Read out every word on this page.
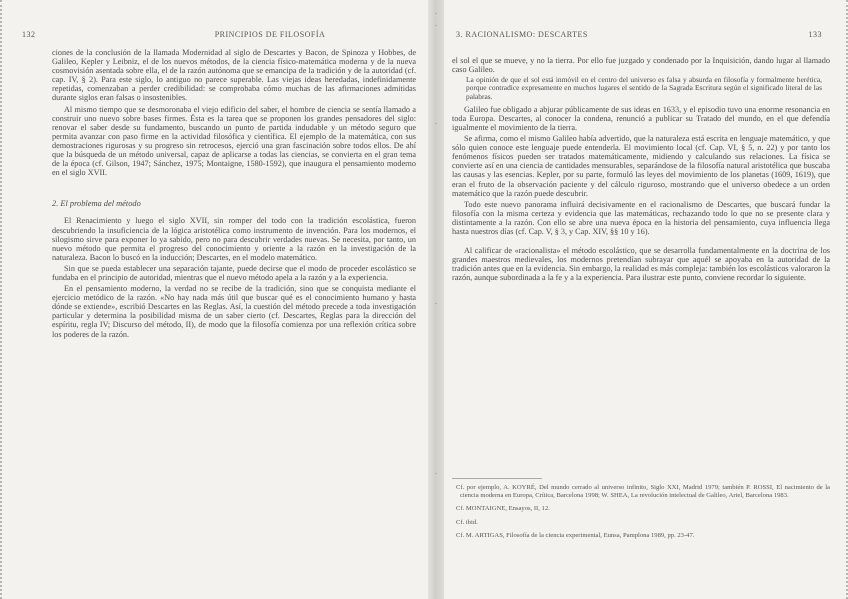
132	PRINCIPIOS DE FILOSOFÍA

ciones de la conclusión de la llamada Modernidad al siglo de Descartes y Bacon, de Spinoza y Hobbes, de Galileo, Kepler y Leibniz, el de los nuevos métodos, de la ciencia físico-matemática moderna y de la nueva cosmovisión asentada sobre ella, el de la razón autónoma que se emancipa de la tradición y de la autoridad (cf. cap. IV, § 2). Para este siglo, lo antiguo no parece superable. Las viejas ideas heredadas, indefinidamente repetidas, comenzaban a perder credibilidad: se comprobaba cómo muchas de las afirmaciones admitidas durante siglos eran falsas o insostenibles.

Al mismo tiempo que se desmoronaba el viejo edificio del saber, el hombre de ciencia se sentía llamado a construir uno nuevo sobre bases firmes. Ésta es la tarea que se proponen los grandes pensadores del siglo: renovar el saber desde su fundamento, buscando un punto de partida indudable y un método seguro que permita avanzar con paso firme en la actividad filosófica y científica. El ejemplo de la matemática, con sus demostraciones rigurosas y su progreso sin retrocesos, ejerció una gran fascinación sobre todos ellos. De ahí que la búsqueda de un método universal, capaz de aplicarse a todas las ciencias, se convierta en el gran tema de la época (cf. Gilson, 1947; Sánchez, 1975; Montaigne, 1580-1592), que inaugura el pensamiento moderno en el siglo XVII.

2. El problema del método

El Renacimiento y luego el siglo XVII, sin romper del todo con la tradición escolástica, fueron descubriendo la insuficiencia de la lógica aristotélica como instrumento de invención. Para los modernos, el silogismo sirve para exponer lo ya sabido, pero no para descubrir verdades nuevas. Se necesita, por tanto, un nuevo método que permita el progreso del conocimiento y oriente a la razón en la investigación de la naturaleza. Bacon lo buscó en la inducción; Descartes, en el modelo matemático.

Sin que se pueda establecer una separación tajante, puede decirse que el modo de proceder escolástico se fundaba en el principio de autoridad, mientras que el nuevo método apela a la razón y a la experiencia.

En el pensamiento moderno, la verdad no se recibe de la tradición, sino que se conquista mediante el ejercicio metódico de la razón. «No hay nada más útil que buscar qué es el conocimiento humano y hasta dónde se extiende», escribió Descartes en las Reglas. Así, la cuestión del método precede a toda investigación particular y determina la posibilidad misma de un saber cierto (cf. Descartes, Reglas para la dirección del espíritu, regla IV; Discurso del método, II), de modo que la filosofía comienza por una reflexión crítica sobre los poderes de la razón.

·
·
·
·
·
3. RACIONALISMO: DESCARTES	133

el sol el que se mueve, y no la tierra. Por ello fue juzgado y condenado por la Inquisición, dando lugar al llamado caso Galileo.

La opinión de que el sol está inmóvil en el centro del universo es falsa y absurda en filosofía y formalmente herética, porque contradice expresamente en muchos lugares el sentido de la Sagrada Escritura según el significado literal de las palabras.

Galileo fue obligado a abjurar públicamente de sus ideas en 1633, y el episodio tuvo una enorme resonancia en toda Europa. Descartes, al conocer la condena, renunció a publicar su Tratado del mundo, en el que defendía igualmente el movimiento de la tierra.

Se afirma, como el mismo Galileo había advertido, que la naturaleza está escrita en lenguaje matemático, y que sólo quien conoce este lenguaje puede entenderla. El movimiento local (cf. Cap. VI, § 5, n. 22) y por tanto los fenómenos físicos pueden ser tratados matemáticamente, midiendo y calculando sus relaciones. La física se convierte así en una ciencia de cantidades mensurables, separándose de la filosofía natural aristotélica que buscaba las causas y las esencias. Kepler, por su parte, formuló las leyes del movimiento de los planetas (1609, 1619), que eran el fruto de la observación paciente y del cálculo riguroso, mostrando que el universo obedece a un orden matemático que la razón puede descubrir.

Todo este nuevo panorama influirá decisivamente en el racionalismo de Descartes, que buscará fundar la filosofía con la misma certeza y evidencia que las matemáticas, rechazando todo lo que no se presente clara y distintamente a la razón. Con ello se abre una nueva época en la historia del pensamiento, cuya influencia llega hasta nuestros días (cf. Cap. V, § 3, y Cap. XIV, §§ 10 y 16).

Al calificar de «racionalista» el método escolástico, que se desarrolla fundamentalmente en la doctrina de los grandes maestros medievales, los modernos pretendían subrayar que aquél se apoyaba en la autoridad de la tradición antes que en la evidencia. Sin embargo, la realidad es más compleja: también los escolásticos valoraron la razón, aunque subordinada a la fe y a la experiencia. Para ilustrar este punto, conviene recordar lo siguiente.

Cf. por ejemplo, A. KOYRÉ, Del mundo cerrado al universo infinito, Siglo XXI, Madrid 1979; también P. ROSSI, El nacimiento de la ciencia moderna en Europa, Crítica, Barcelona 1998; W. SHEA, La revolución intelectual de Galileo, Ariel, Barcelona 1983.

Cf. MONTAIGNE, Ensayos, II, 12.

Cf. ibid.

Cf. M. ARTIGAS, Filosofía de la ciencia experimental, Eunsa, Pamplona 1989, pp. 23-47.
